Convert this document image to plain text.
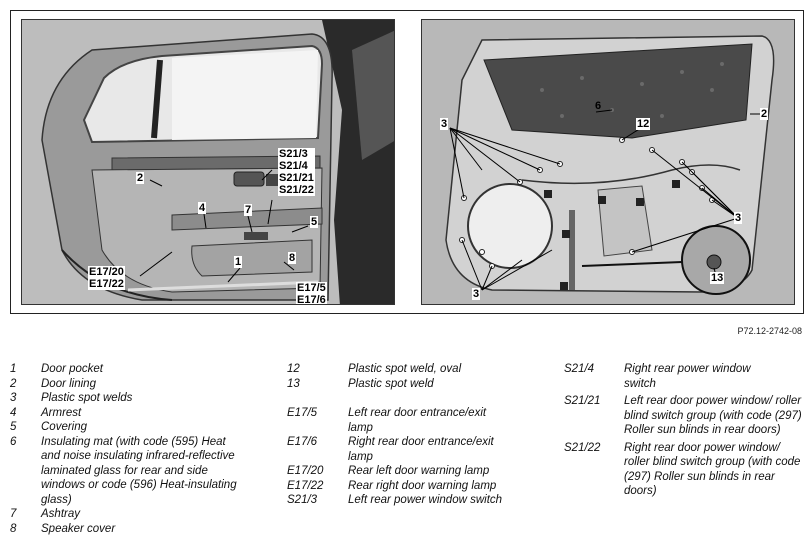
2
4	7
5
1	8
S21/3
S21/4
S21/21
S21/22
E17/20
E17/22	E17/5
E17/6
6
12
2
3
3
3
13
P72.12-2742-08
1	Door pocket
2	Door lining
3	Plastic spot welds
4	Armrest
5	Covering
6	Insulating mat (with code (595) Heat and noise insulating infrared-reflective laminated glass for rear and side windows or code (596) Heat-insulating glass)
7	Ashtray
8	Speaker cover
12	Plastic spot weld, oval
13	Plastic spot weld
E17/5	Left rear door entrance/exit lamp
E17/6	Right rear door entrance/exit lamp
E17/20	Rear left door warning lamp
E17/22	Rear right door warning lamp
S21/3	Left rear power window switch
S21/4	Right rear power window switch
S21/21	Left rear door power window/ roller blind switch group (with code (297) Roller sun blinds in rear doors)
S21/22	Right rear door power window/ roller blind switch group (with code (297) Roller sun blinds in rear doors)
